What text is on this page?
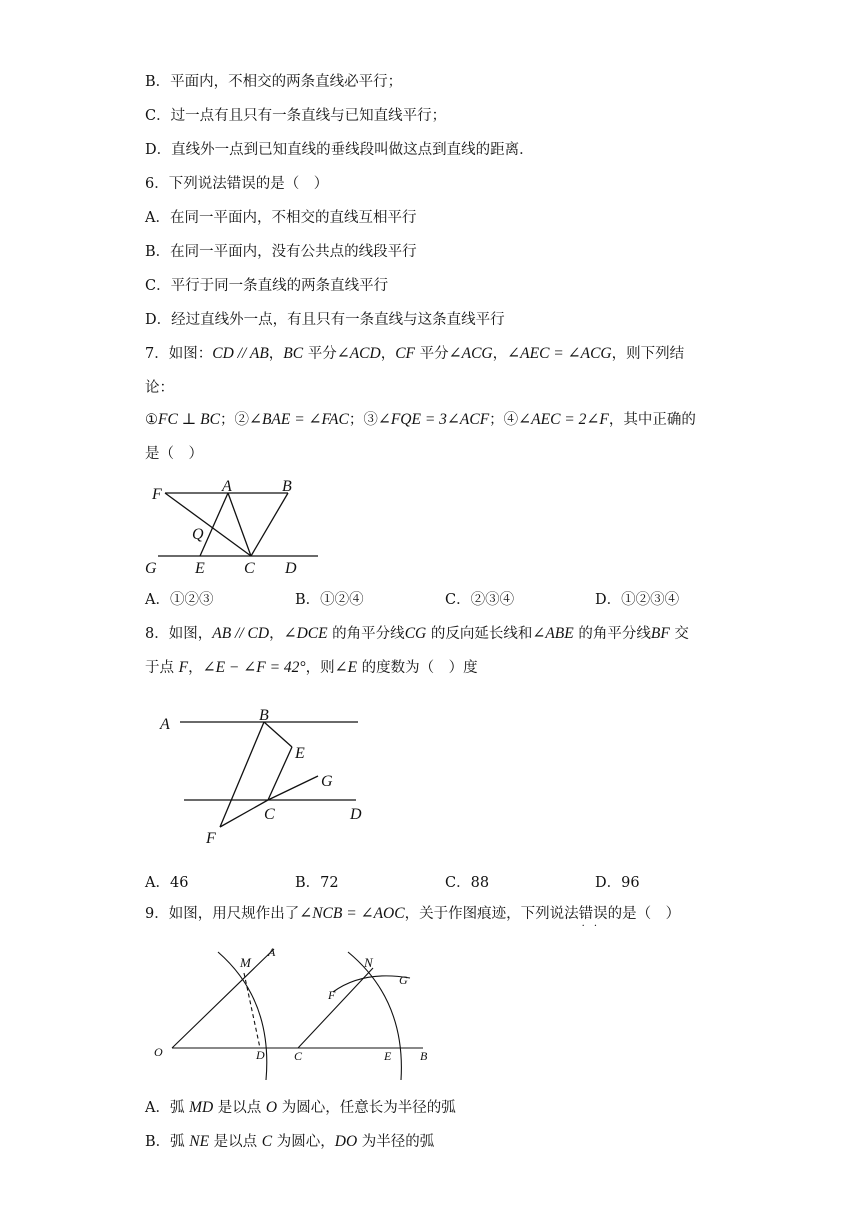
B．平面内，不相交的两条直线必平行；
C．过一点有且只有一条直线与已知直线平行；
D．直线外一点到已知直线的垂线段叫做这点到直线的距离．
6．下列说法错误的是（　）
A．在同一平面内，不相交的直线互相平行
B．在同一平面内，没有公共点的线段平行
C．平行于同一条直线的两条直线平行
D．经过直线外一点，有且只有一条直线与这条直线平行
7．如图：CD // AB，BC 平分∠ACD，CF 平分∠ACG，∠AEC = ∠ACG，则下列结
论：
①FC ⊥ BC；②∠BAE = ∠FAC；③∠FQE = 3∠ACF；④∠AEC = 2∠F，其中正确的
是（　）
F	A	B
Q
G E C D
A．①②③	B．①②④	C．②③④	D．①②③④
8．如图，AB // CD，∠DCE 的角平分线CG 的反向延长线和∠ABE 的角平分线BF 交
于点 F，∠E − ∠F = 42°，则∠E 的度数为（　）度
A
B
E
G
C	D
F
A．46	B．72	C．88	D．96
9．如图，用尺规作出了∠NCB = ∠AOC，关于作图痕迹，下列说法错误 · ·的是（　）
M
A
O	D
N
G
F
C	E B
A．弧 MD 是以点 O 为圆心，任意长为半径的弧
B．弧 NE 是以点 C 为圆心，DO 为半径的弧
